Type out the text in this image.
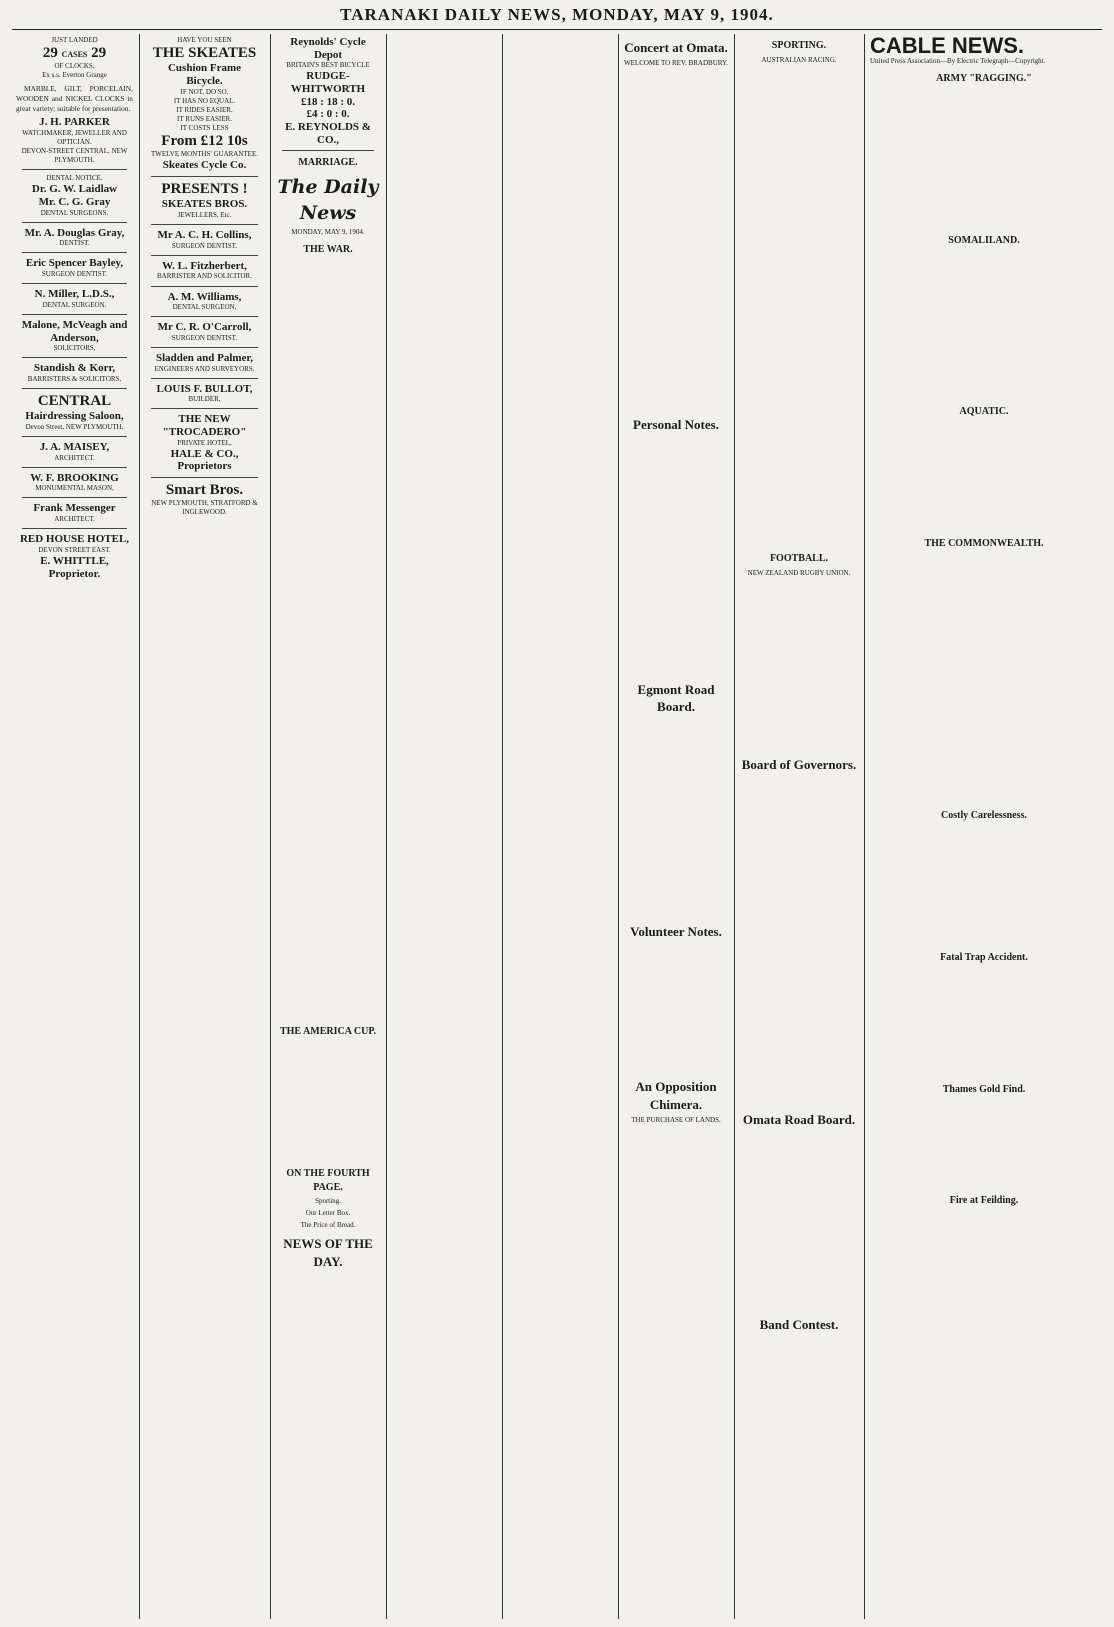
TARANAKI DAILY NEWS, MONDAY, MAY 9, 1904.
JUST LANDED
29 CASES 29
OF CLOCKS.
Ex s.s. Everton Grange
MARBLE, GILT, PORCELAIN, WOODEN and NICKEL CLOCKS in great variety; suitable for presentation.
J. H. PARKER
WATCHMAKER, JEWELLER AND OPTICIAN.
DEVON-STREET CENTRAL, NEW PLYMOUTH.
DENTAL NOTICE.
Dr. G. W. Laidlaw
Mr. C. G. Gray
DENTAL SURGEONS.
Mr. A. Douglas Gray,
DENTIST.
Eric Spencer Bayley,
SURGEON DENTIST.
N. Miller, L.D.S.,
DENTAL SURGEON.
Malone, McVeagh and Anderson,
SOLICITORS,
Standish & Korr,
BARRISTERS & SOLICITORS,
CENTRAL
Hairdressing Saloon,
Devon Street, NEW PLYMOUTH.
J. A. MAISEY,
ARCHITECT.
W. F. BROOKING
MONUMENTAL MASON,
Frank Messenger
ARCHITECT.
RED HOUSE HOTEL,
DEVON STREET EAST.
E. WHITTLE, Proprietor.
HAVE YOU SEEN
THE SKEATES
Cushion Frame
Bicycle.
IF NOT, DO SO.
IT HAS NO EQUAL.
IT RIDES EASIER.
IT RUNS EASIER.
IT COSTS LESS
From £12 10s
TWELVE MONTHS' GUARANTEE.
Skeates Cycle Co.
PRESENTS !
SKEATES BROS.
JEWELLERS, Etc.
Mr A. C. H. Collins,
SURGEON DENTIST.
W. L. Fitzherbert,
BARRISTER AND SOLICITOR.
A. M. Williams,
DENTAL SURGEON,
Mr C. R. O'Carroll,
SURGEON DENTIST.
Sladden and Palmer,
ENGINEERS AND SURVEYORS.
LOUIS F. BULLOT,
BUILDER,
THE NEW "TROCADERO"
PRIVATE HOTEL,
HALE & CO., Proprietors
Smart Bros.
NEW PLYMOUTH, STRATFORD & INGLEWOOD.
Reynolds' Cycle Depot
BRITAIN'S BEST BICYCLE
RUDGE-WHITWORTH
£18 : 18 : 0.
£4 : 0 : 0.
E. REYNOLDS & CO.,
MARRIAGE.
The Daily News
MONDAY, MAY 9, 1904.
THE WAR.
THE AMERICA CUP.
ON THE FOURTH PAGE.
Sporting.
Our Letter Box.
The Price of Bread.
NEWS OF THE DAY.
Concert at Omata.
WELCOME TO REV. BRADBURY.
Personal Notes.
Egmont Road Board.
Volunteer Notes.
An Opposition Chimera.
THE PURCHASE OF LANDS.
SPORTING.
AUSTRALIAN RACING.
FOOTBALL.
NEW ZEALAND RUGBY UNION.
Board of Governors.
Omata Road Board.
Band Contest.
CABLE NEWS.
United Press Association—By Electric Telegraph—Copyright.
ARMY "RAGGING."
SOMALILAND.
AQUATIC.
THE COMMONWEALTH.
Costly Carelessness.
Fatal Trap Accident.
Thames Gold Find.
Fire at Feilding.
